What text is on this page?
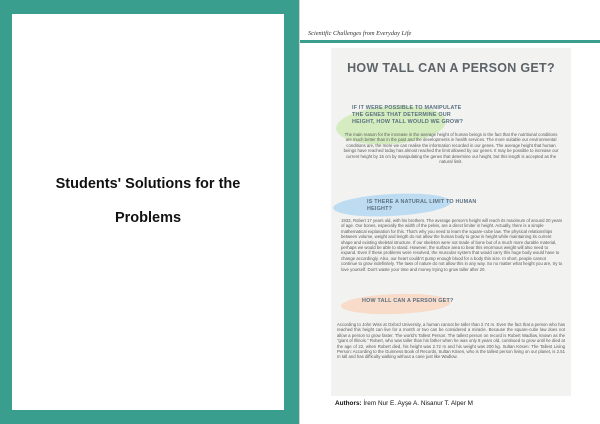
Students' Solutions for the
Problems
Scientific Challenges from Everyday Life
HOW TALL CAN A PERSON GET?
IF IT WERE POSSIBLE TO MANIPULATE THE GENES THAT DETERMINE OUR HEIGHT, HOW TALL WOULD WE GROW?
The main reason for the increase in the average height of human beings is the fact that the nutritional conditions are much better than in the past and the developments in health services. The more suitable our environmental conditions are, the more we can realise the information recorded in our genes. The average height that human beings have reached today has almost reached the limit allowed by our genes. It may be possible to increase our current height by 15 cm by manipulating the genes that determine our height, but this length is accepted as the natural limit.
IS THERE A NATURAL LIMIT TO HUMAN HEIGHT?
1933, Robert 17 years old, with his brothers. The average person's height will reach its maximum of around 20 years of age. Our bones, especially the width of the pelvis, are a direct limiter in height. Actually, there is a simple mathematical explanation for this. That's why you need to learn the square-cube law. The physical relationships between volume, weight and length do not allow the human body to grow in height while maintaining its current shape and existing skeletal structure. If our skeleton were not made of bone but of a much more durable material, perhaps we would be able to stand. However, the surface area to bear this enormous weight will also need to expand. Even if these problems were resolved, the muscular system that would carry this huge body would have to change accordingly. Also, our heart couldn't pump enough blood for a body this size. In short, people cannot continue to grow indefinitely. The laws of nature do not allow this in any way. So no matter what height you are, try to love yourself. Don't waste your time and money trying to grow taller after 20.
HOW TALL CAN A PERSON GET?
According to John Wiss at Oxford University, a human cannot be taller than 2.74 m. Even the fact that a person who has reached this height can live for a month or two can be considered a miracle. Because the square-cube law does not allow a person to grow faster. The world's Tallest Person: The tallest person on record is Robert Wadlow, known as the "giant of Illinois." Robert, who was taller than his father when he was only 8 years old, continued to grow until he died at the age of 22, when Robert died, his height was 2.72 m and his weight was 200 kg. Sultan Kösen: The Tallest Living Person: According to the Guinness Book of Records, Sultan Kösen, who is the tallest person living on our planet, is 2.51 m tall and has difficulty walking without a cane just like Wadlow.
Authors: İrem Nur E. Ayşe A. Nisanur T. Alper M
